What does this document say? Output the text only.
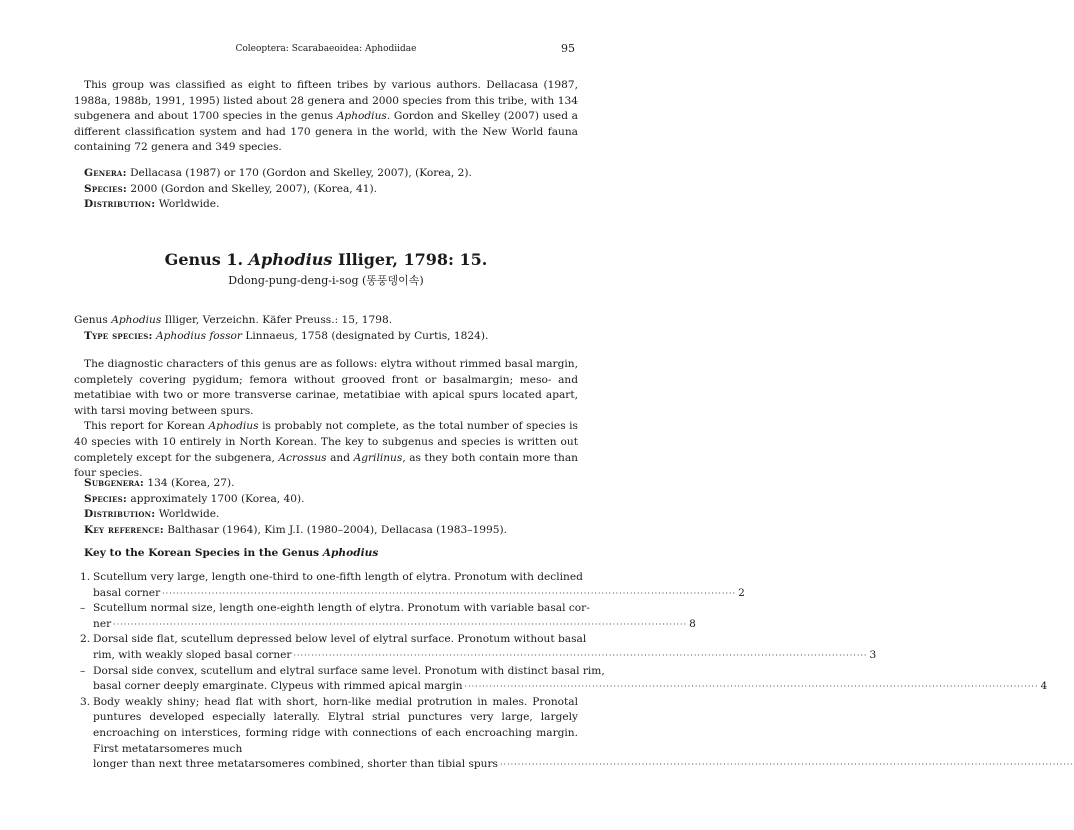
Coleoptera: Scarabaeoidea: Aphodiidae	95

This group was classified as eight to fifteen tribes by various authors. Dellacasa (1987, 1988a, 1988b, 1991, 1995) listed about 28 genera and 2000 species from this tribe, with 134 subgenera and about 1700 species in the genus Aphodius. Gordon and Skelley (2007) used a different classification system and had 170 genera in the world, with the New World fauna containing 72 genera and 349 species.

Genera: Dellacasa (1987) or 170 (Gordon and Skelley, 2007), (Korea, 2).

Species: 2000 (Gordon and Skelley, 2007), (Korea, 41).

Distribution: Worldwide.

Genus 1. Aphodius Illiger, 1798: 15.
Ddong-pung-deng-i-sog (똥풍뎅이속)

Genus Aphodius Illiger, Verzeichn. Käfer Preuss.: 15, 1798.

Type species: Aphodius fossor Linnaeus, 1758 (designated by Curtis, 1824).

The diagnostic characters of this genus are as follows: elytra without rimmed basal margin, completely covering pygidum; femora without grooved front or basalmargin; meso- and metatibiae with two or more transverse carinae, metatibiae with apical spurs located apart, with tarsi moving between spurs.

This report for Korean Aphodius is probably not complete, as the total number of species is 40 species with 10 entirely in North Korean. The key to subgenus and species is written out completely except for the subgenera, Acrossus and Agrilinus, as they both contain more than four species.

Subgenera: 134 (Korea, 27).

Species: approximately 1700 (Korea, 40).

Distribution: Worldwide.

Key reference: Balthasar (1964), Kim J.I. (1980–2004), Dellacasa (1983–1995).

Key to the Korean Species in the Genus Aphodius

1. Scutellum very large, length one-third to one-fifth length of elytra. Pronotum with declined
basal corner ·····	2
– Scutellum normal size, length one-eighth length of elytra. Pronotum with variable basal cor-
ner ·····	8
2. Dorsal side flat, scutellum depressed below level of elytral surface. Pronotum without basal
rim, with weakly sloped basal corner ·····	3
– Dorsal side convex, scutellum and elytral surface same level. Pronotum with distinct basal rim,
basal corner deeply emarginate. Clypeus with rimmed apical margin ·····	4
3. Body weakly shiny; head flat with short, horn-like medial protrution in males. Pronotal puntures developed especially laterally. Elytral strial punctures very large, largely encroaching on interstices, forming ridge with connections of each encroaching margin. First metatarsomeres much
longer than next three metatarsomeres combined, shorter than tibial spurs
·····
